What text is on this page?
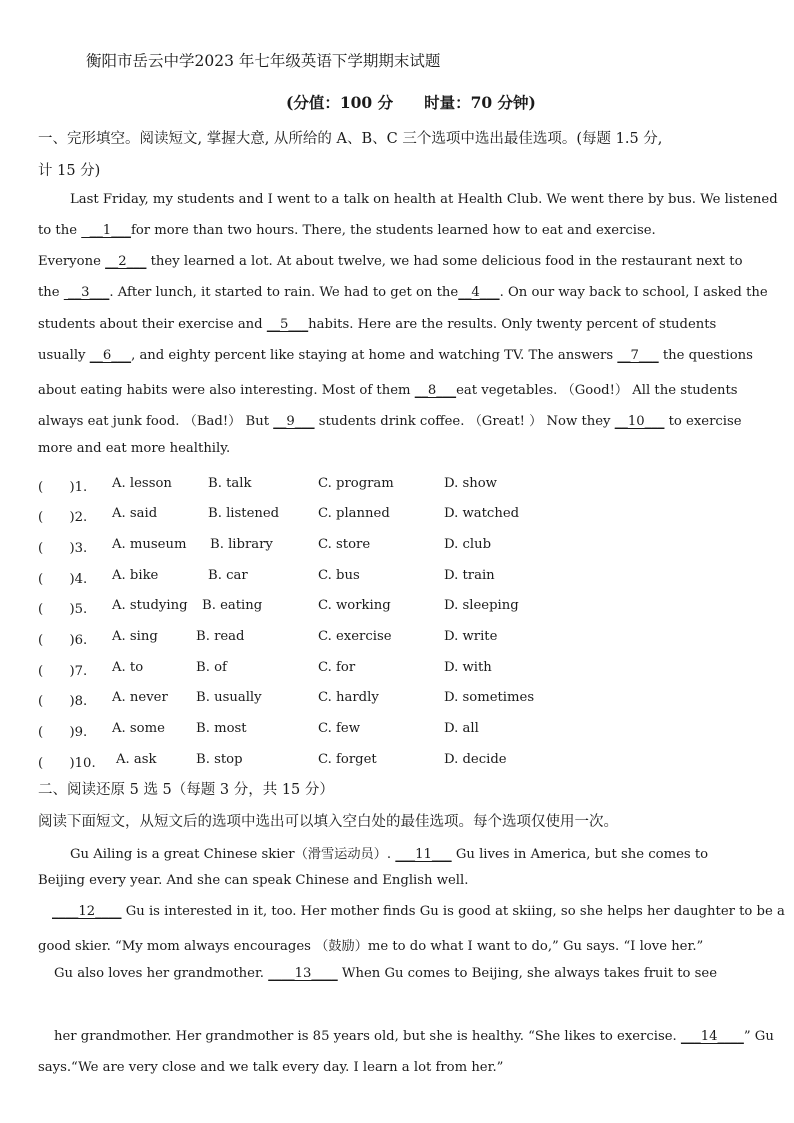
衡阳市岳云中学2023 年七年级英语下学期期末试题
(分值：100 分　　时量：70 分钟)
一、完形填空。阅读短文, 掌握大意, 从所给的 A、B、C 三个选项中选出最佳选项。(每题 1.5 分,
计 15 分)
Last Friday, my students and I went to a talk on health at Health Club. We went there by bus. We listened
to the   __1___for more than two hours. There, the students learned how to eat and exercise.
Everyone __2___ they learned a lot. At about twelve, we had some delicious food in the restaurant next to
the  __3___. After lunch, it started to rain. We had to get on the__4___. On our way back to school, I asked the
students about their exercise and __5___habits. Here are the results. Only twenty percent of students
usually __6___, and eighty percent like staying at home and watching TV. The answers __7___ the questions
about eating habits were also interesting. Most of them __8___eat vegetables. （Good!） All the students
always eat junk food. （Bad!） But __9___ students drink coffee. （Great! ） Now they __10___ to exercise
more and eat more healthily.
(　　)1. A. lesson	B. talk	C. program	D. show
(　　)2. A. said	B. listened	C. planned	D. watched
(　　)3. A. museum B. library	C. store	D. club
(　　)4. A. bike	B. car	C. bus	D. train
(　　)5. A. studying B. eating	C. working	D. sleeping
(　　)6. A. sing	B. read	C. exercise	D. write
(　　)7. A. to	B. of	C. for	D. with
(　　)8. A. never B. usually	C. hardly	D. sometimes
(　　)9. A. some B. most	C. few	D. all
(　　)10. A. ask	B. stop	C. forget	D. decide
二、阅读还原 5 选 5（每题 3 分，共 15 分）
阅读下面短文，从短文后的选项中选出可以填入空白处的最佳选项。每个选项仅使用一次。
Gu Ailing is a great Chinese skier（滑雪运动员）. ___11___ Gu lives in America, but she comes to
Beijing every year. And she can speak Chinese and English well.
____12____ Gu is interested in it, too. Her mother finds Gu is good at skiing, so she helps her daughter to be a
good skier. “My mom always encourages （鼓励）me to do what I want to do,” Gu says. “I love her.”
Gu also loves her grandmother. ____13____ When Gu comes to Beijing, she always takes fruit to see
her grandmother. Her grandmother is 85 years old, but she is healthy. “She likes to exercise. ___14____” Gu
says.“We are very close and we talk every day. I learn a lot from her.”
